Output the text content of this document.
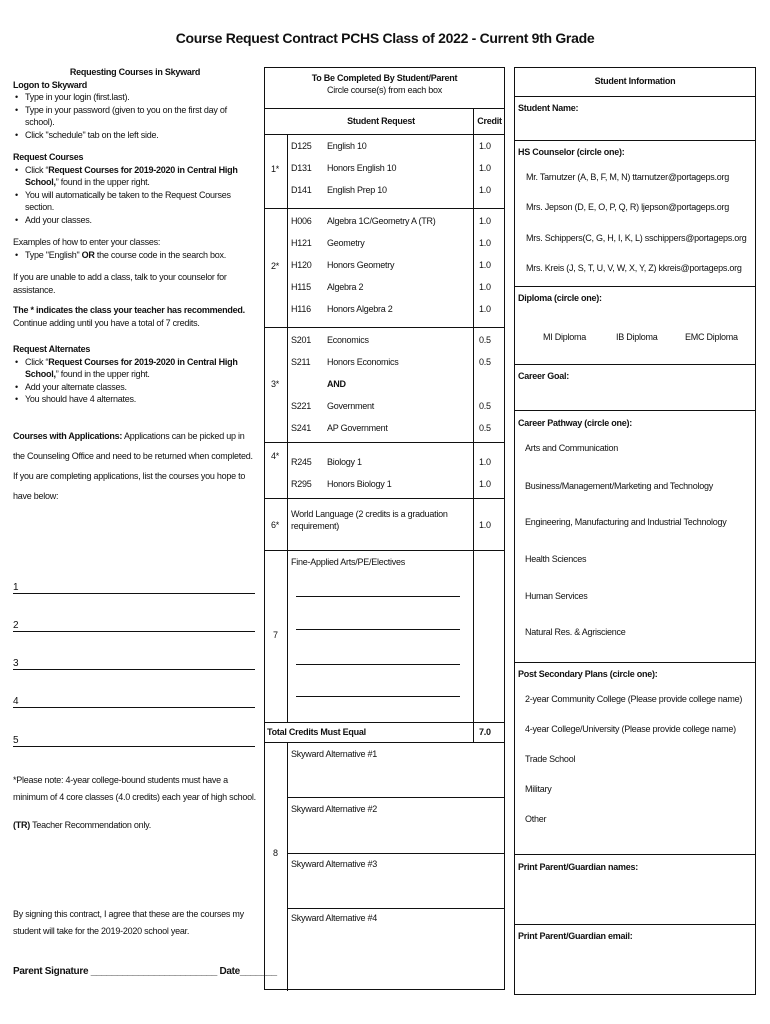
Course Request Contract PCHS Class of 2022 - Current 9th Grade
Requesting Courses in Skyward
Logon to Skyward
• Type in your login (first.last).
• Type in your password (given to you on the first day of school).
• Click "schedule" tab on the left side.
Request Courses
• Click “Request Courses for 2019-2020 in Central High School,” found in the upper right.
• You will automatically be taken to the Request Courses section.
• Add your classes.

Examples of how to enter your classes:

• Type "English" OR the course code in the search box.

If you are unable to add a class, talk to your counselor for assistance.

The * indicates the class your teacher has recommended. Continue adding until you have a total of 7 credits.

Request Alternates
• Click “Request Courses for 2019-2020 in Central High School,” found in the upper right.
• Add your alternate classes.
• You should have 4 alternates.

Courses with Applications: Applications can be picked up in the Counseling Office and need to be returned when completed. If you are completing applications, list the courses you hope to have below:

1
2
3
4
5
*Please note: 4-year college-bound students must have a minimum of 4 core classes (4.0 credits) each year of high school.
(TR) Teacher Recommendation only.
By signing this contract, I agree that these are the courses my student will take for the 2019-2020 school year.
Parent Signature ________________________ Date_______
To Be Completed By Student/Parent
Circle course(s) from each box
Student Request	Credit
1*
D125 English 10	1.0
D131 Honors English 10	1.0
D141 English Prep 10	1.0
2*
H006 Algebra 1C/Geometry A (TR)	1.0
H121 Geometry	1.0
H120 Honors Geometry	1.0
H115 Algebra 2	1.0
H116 Honors Algebra 2	1.0
3*
S201 Economics	0.5
S211 Honors Economics	0.5
AND
S221 Government	0.5
S241 AP Government	0.5
4*
R245 Biology 1	1.0
R295 Honors Biology 1	1.0
6*
World Language (2 credits is a graduation requirement)	1.0
7
Fine-Applied Arts/PE/Electives
Total Credits Must Equal	7.0
8
Skyward Alternative #1
Skyward Alternative #2
Skyward Alternative #3
Skyward Alternative #4
Student Information
Student Name:
HS Counselor (circle one):
Mr. Tarnutzer (A, B, F, M, N) ttarnutzer@portageps.org
Mrs. Jepson (D, E, O, P, Q, R) ljepson@portageps.org
Mrs. Schippers(C, G, H, I, K, L) sschippers@portageps.org
Mrs. Kreis (J, S, T, U, V, W, X, Y, Z) kkreis@portageps.org
Diploma (circle one):
MI Diploma	IB Diploma	EMC Diploma
Career Goal:
Career Pathway (circle one):
Arts and Communication
Business/Management/Marketing and Technology
Engineering, Manufacturing and Industrial Technology
Health Sciences
Human Services
Natural Res. & Agriscience
Post Secondary Plans (circle one):
2-year Community College (Please provide college name)
4-year College/University (Please provide college name)
Trade School
Military
Other
Print Parent/Guardian names:
Print Parent/Guardian email:
